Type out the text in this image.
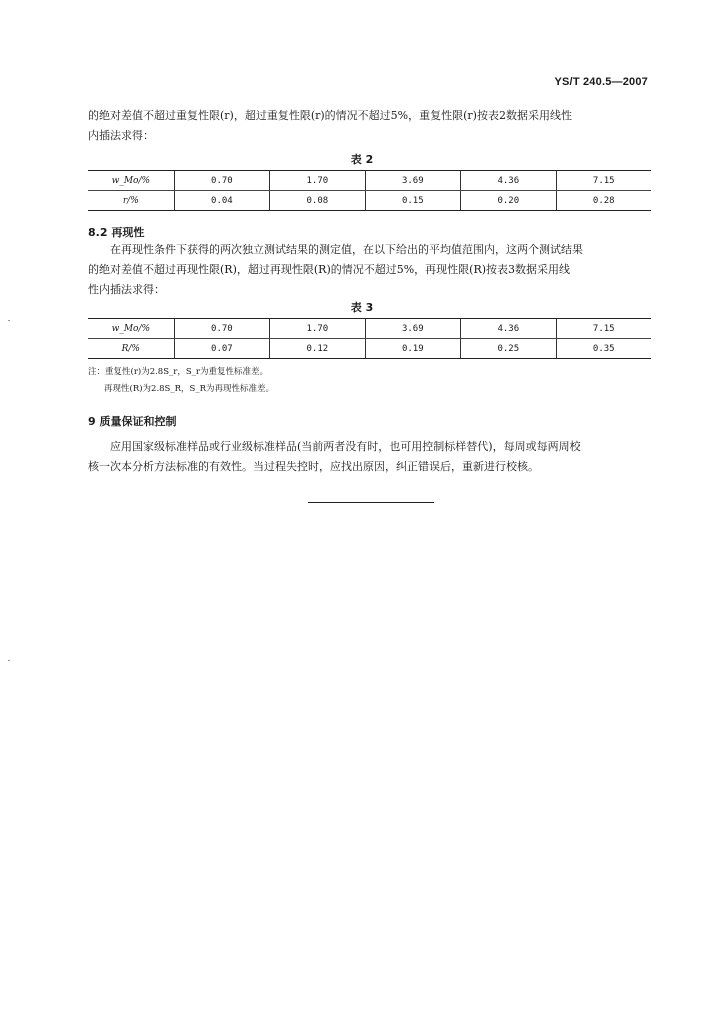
YS/T 240.5—2007
的绝对差值不超过重复性限(r)，超过重复性限(r)的情况不超过5%，重复性限(r)按表2数据采用线性
内插法求得：
表 2
w_Mo/%	0.70	1.70	3.69	4.36	7.15
r/%	0.04	0.08	0.15	0.20	0.28
8.2 再现性
在再现性条件下获得的两次独立测试结果的测定值，在以下给出的平均值范围内，这两个测试结果
的绝对差值不超过再现性限(R)，超过再现性限(R)的情况不超过5%，再现性限(R)按表3数据采用线
性内插法求得：
表 3
w_Mo/%	0.70	1.70	3.69	4.36	7.15
R/%	0.07	0.12	0.19	0.25	0.35
注：重复性(r)为2.8S_r，S_r为重复性标准差。
再现性(R)为2.8S_R，S_R为再现性标准差。
9 质量保证和控制
应用国家级标准样品或行业级标准样品(当前两者没有时，也可用控制标样替代)，每周或每两周校
核一次本分析方法标准的有效性。当过程失控时，应找出原因，纠正错误后，重新进行校核。
